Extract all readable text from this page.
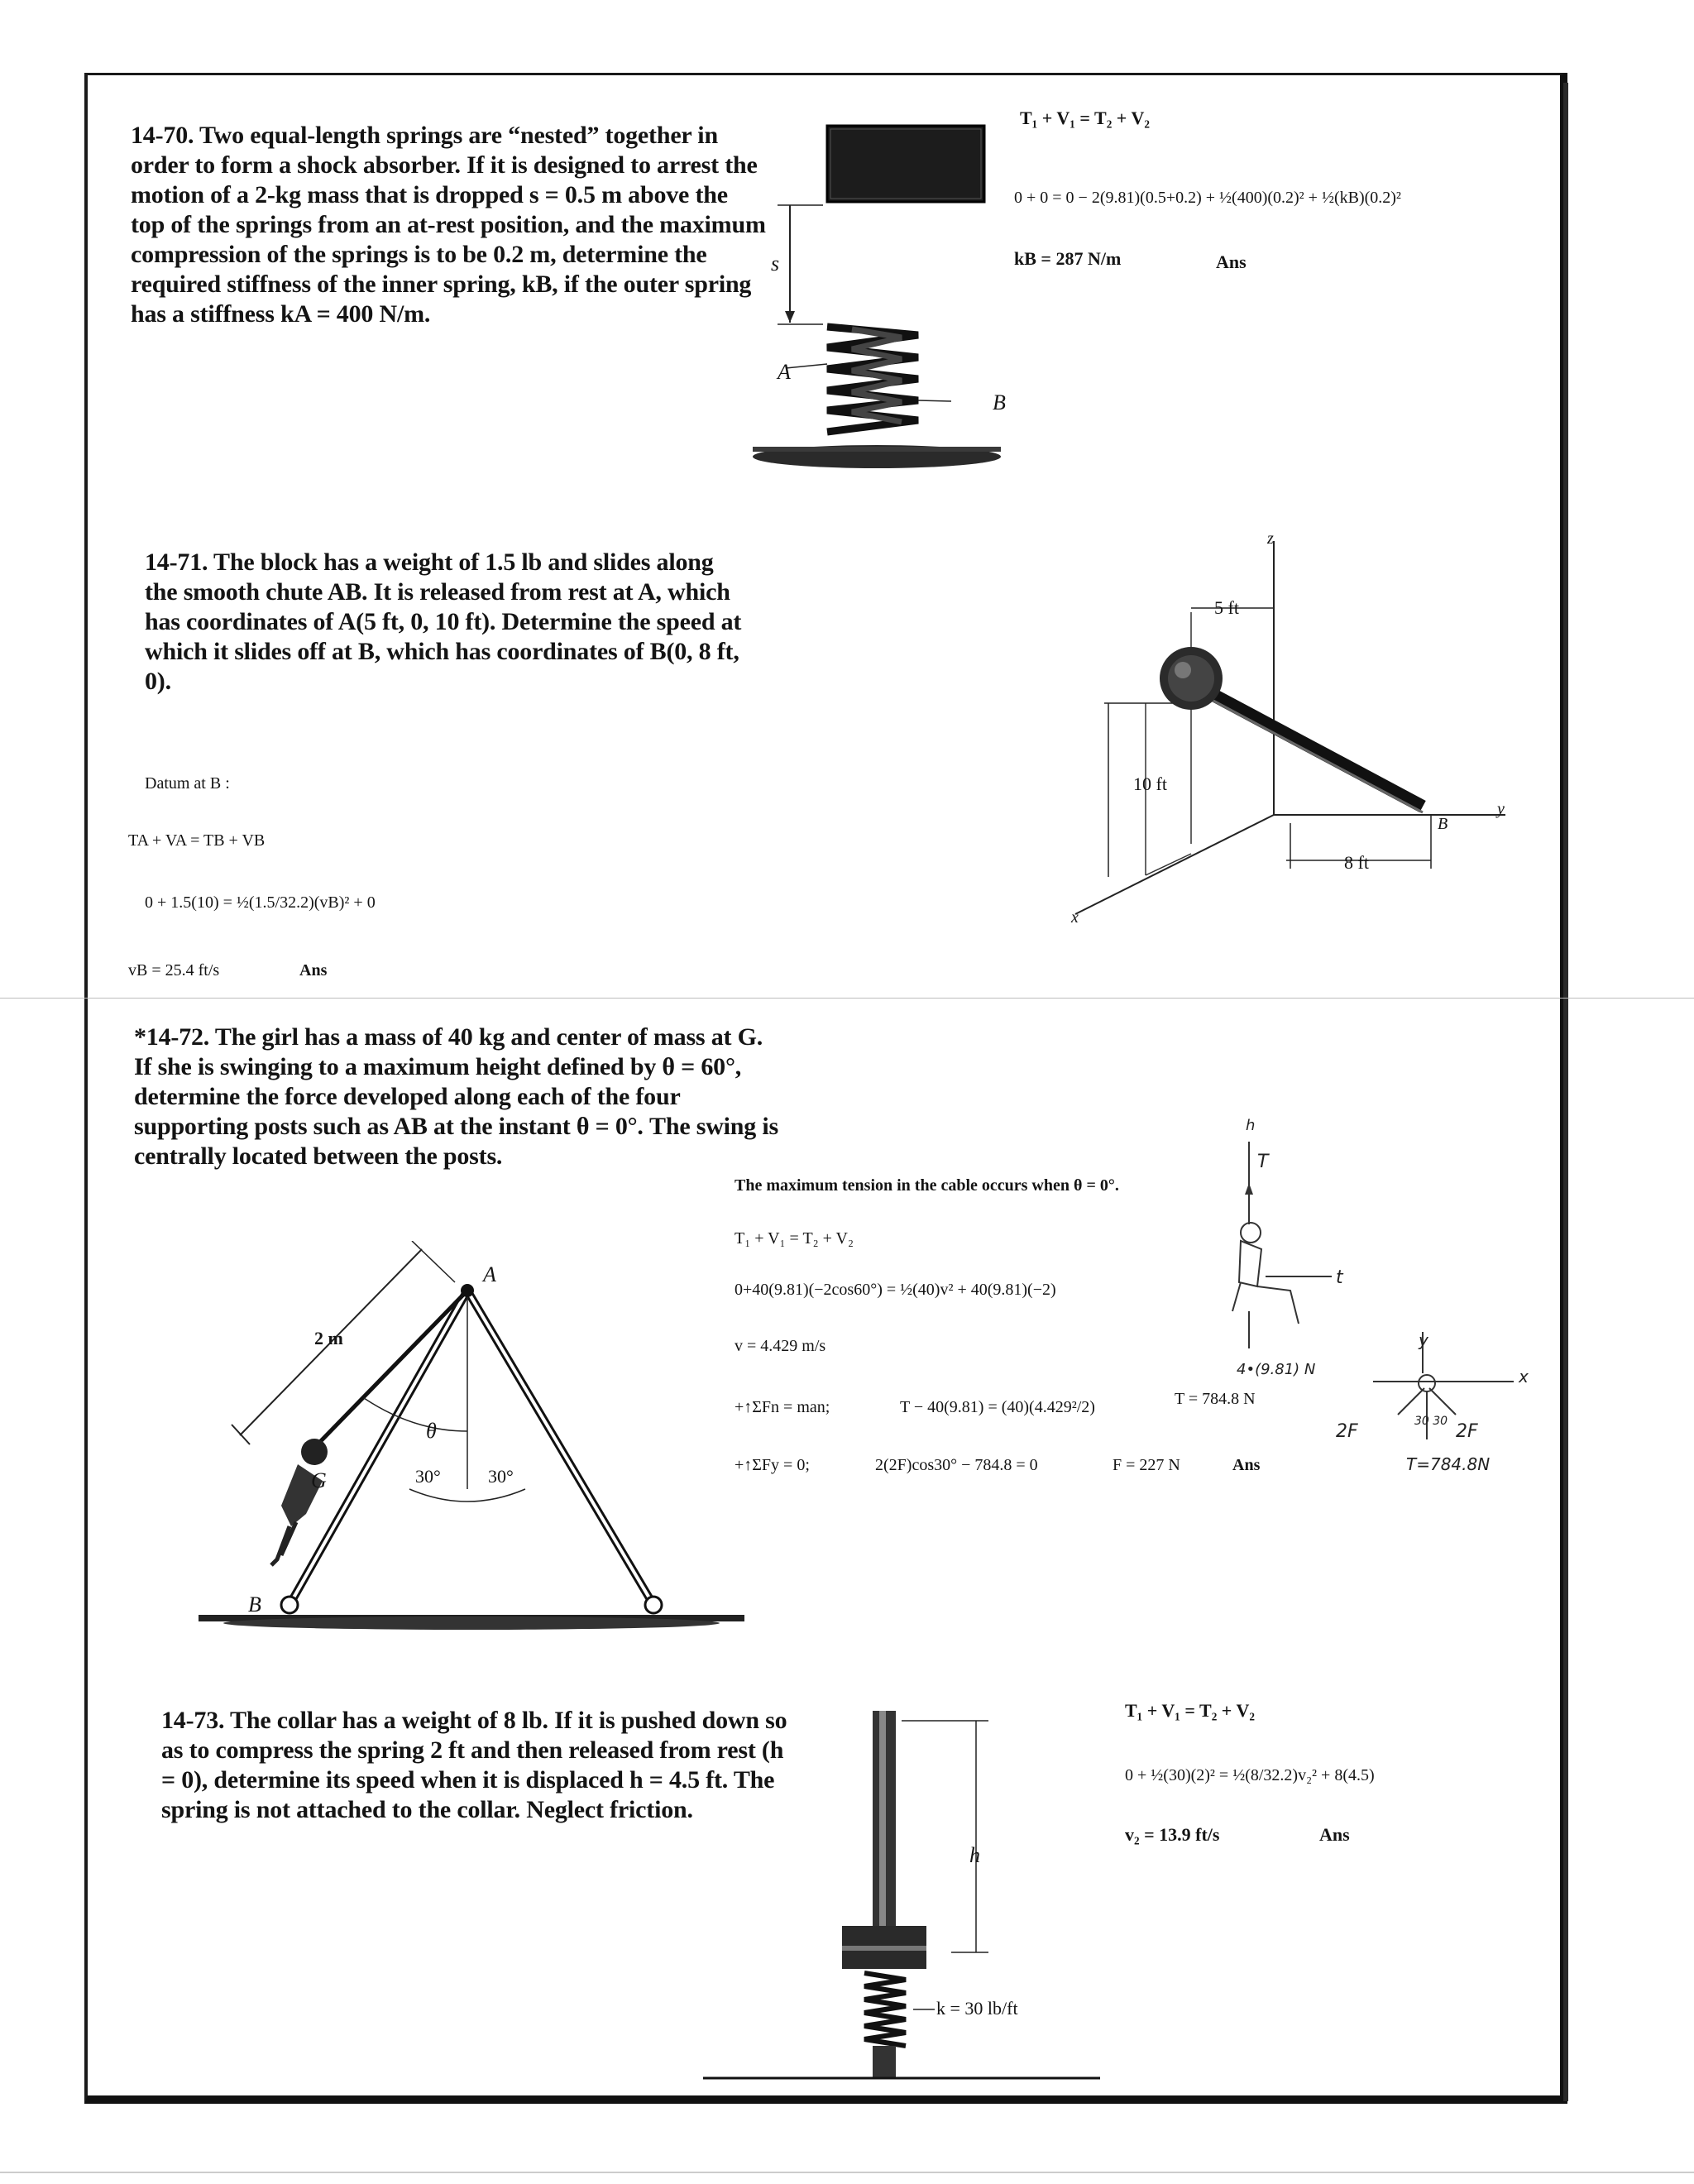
14-70. Two equal-length springs are “nested” together in order to form a shock absorber. If it is designed to arrest the motion of a 2-kg mass that is dropped s = 0.5 m above the top of the springs from an at-rest position, and the maximum compression of the springs is to be 0.2 m, determine the required stiffness of the inner spring, kB, if the outer spring has a stiffness kA = 400 N/m.
s
A
B
T₁ + V₁ = T₂ + V₂
0 + 0 = 0 − 2(9.81)(0.5+0.2) + ½(400)(0.2)² + ½(kB)(0.2)²
kB = 287 N/m	Ans
14-71. The block has a weight of 1.5 lb and slides along the smooth chute AB. It is released from rest at A, which has coordinates of A(5 ft, 0, 10 ft). Determine the speed at which it slides off at B, which has coordinates of B(0, 8 ft, 0).
Datum at B :
TA + VA = TB + VB
0 + 1.5(10) = ½(1.5/32.2)(vB)² + 0
vB = 25.4 ft/s	Ans
z
y
x
B
5 ft
10 ft
8 ft
*14-72. The girl has a mass of 40 kg and center of mass at G. If she is swinging to a maximum height defined by θ = 60°, determine the force developed along each of the four supporting posts such as AB at the instant θ = 0°. The swing is centrally located between the posts.
A
B
G
2 m
θ
30°	30°
The maximum tension in the cable occurs when θ = 0°.
T₁ + V₁ = T₂ + V₂
0+40(9.81)(−2cos60°) = ½(40)v² + 40(9.81)(−2)
v = 4.429 m/s
+↑ΣFn = man;	T − 40(9.81) = (40)(4.429²/2)	T = 784.8 N
+↑ΣFy = 0;	2(2F)cos30° − 784.8 = 0	F = 227 N	Ans
h
T
t
4•(9.81) N
y
x
2F	2F
30 30
T=784.8N
14-73. The collar has a weight of 8 lb. If it is pushed down so as to compress the spring 2 ft and then released from rest (h = 0), determine its speed when it is displaced h = 4.5 ft. The spring is not attached to the collar. Neglect friction.
h
k = 30 lb/ft
T₁ + V₁ = T₂ + V₂
0 + ½(30)(2)² = ½(8/32.2)v₂² + 8(4.5)
v₂ = 13.9 ft/s	Ans
